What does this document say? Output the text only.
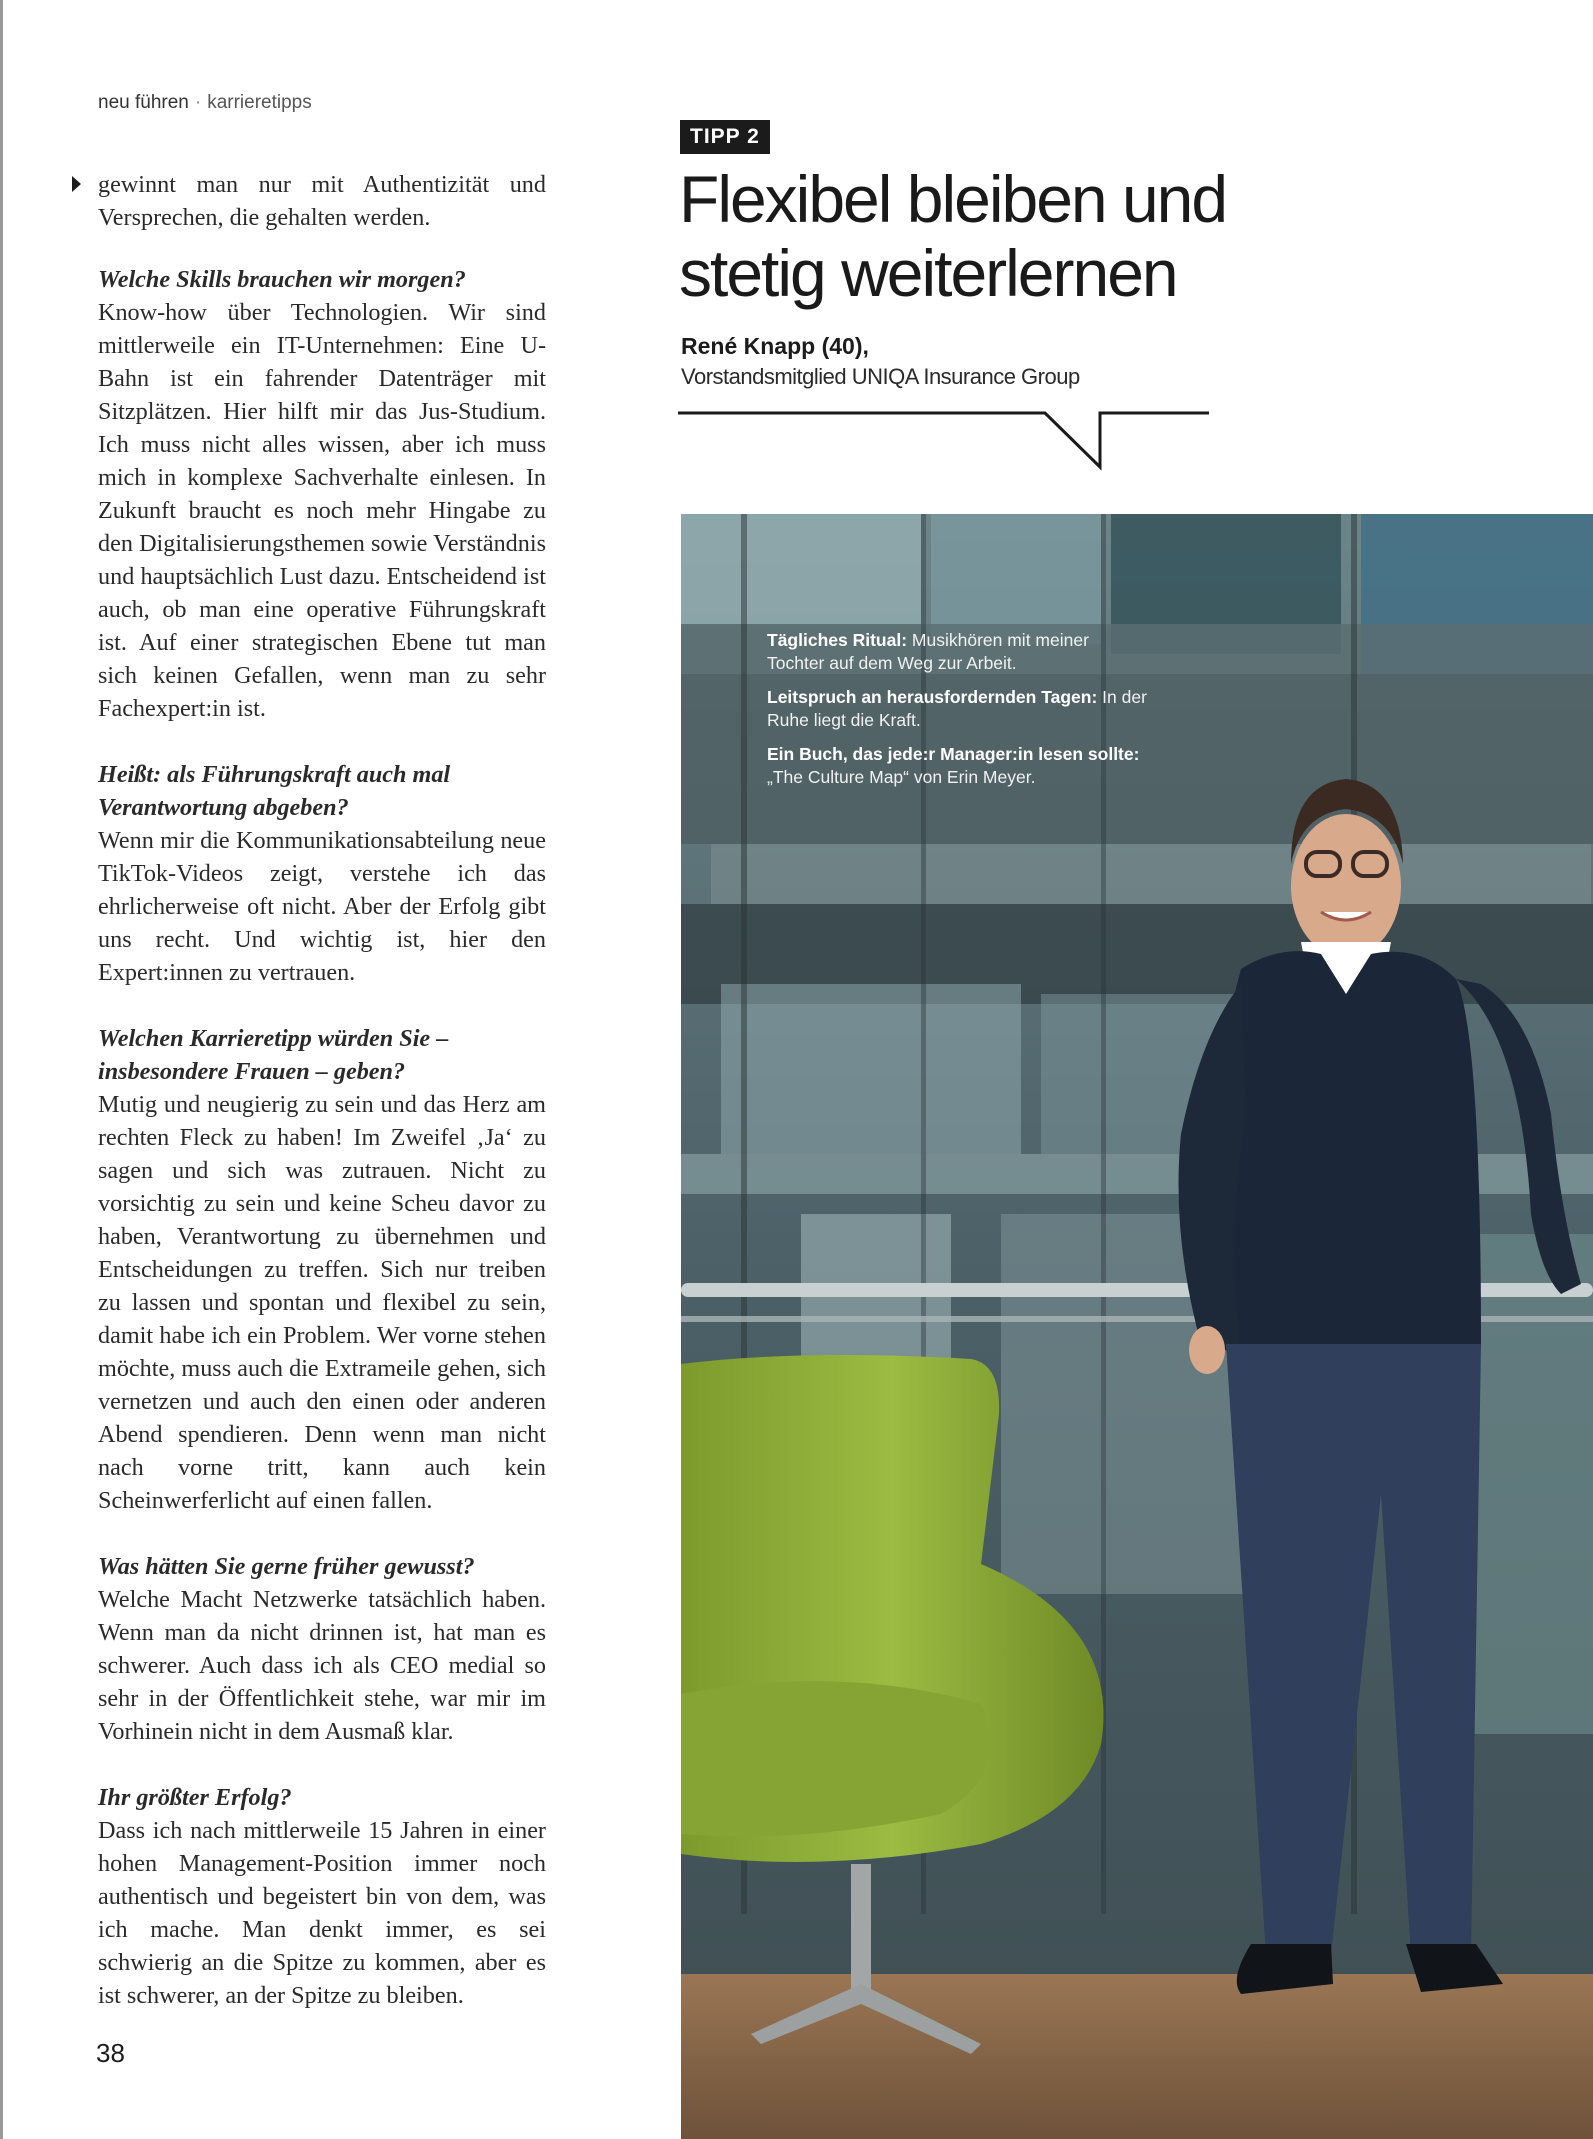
neu führen · karrieretipps

gewinnt man nur mit Authentizität und Versprechen, die gehalten werden.

Welche Skills brauchen wir morgen?

Know-how über Technologien. Wir sind mittlerweile ein IT-Unternehmen: Eine U-Bahn ist ein fahrender Datenträger mit Sitzplätzen. Hier hilft mir das Jus-Studium. Ich muss nicht alles wissen, aber ich muss mich in komplexe Sachverhalte einlesen. In Zukunft braucht es noch mehr Hingabe zu den Digitalisierungsthemen sowie Verständnis und hauptsächlich Lust dazu. Entscheidend ist auch, ob man eine operative Führungskraft ist. Auf einer strategischen Ebene tut man sich keinen Gefallen, wenn man zu sehr Fachexpert:in ist.

Heißt: als Führungskraft auch mal Verantwortung abgeben?

Wenn mir die Kommunikationsabteilung neue TikTok-Videos zeigt, verstehe ich das ehrlicherweise oft nicht. Aber der Erfolg gibt uns recht. Und wichtig ist, hier den Expert:innen zu vertrauen.

Welchen Karrieretipp würden Sie – insbesondere Frauen – geben?

Mutig und neugierig zu sein und das Herz am rechten Fleck zu haben! Im Zweifel ‚Ja‘ zu sagen und sich was zutrauen. Nicht zu vorsichtig zu sein und keine Scheu davor zu haben, Verantwortung zu übernehmen und Entscheidungen zu treffen. Sich nur treiben zu lassen und spontan und flexibel zu sein, damit habe ich ein Problem. Wer vorne stehen möchte, muss auch die Extrameile gehen, sich vernetzen und auch den einen oder anderen Abend spendieren. Denn wenn man nicht nach vorne tritt, kann auch kein Scheinwerferlicht auf einen fallen.

Was hätten Sie gerne früher gewusst?

Welche Macht Netzwerke tatsächlich haben. Wenn man da nicht drinnen ist, hat man es schwerer. Auch dass ich als CEO medial so sehr in der Öffentlichkeit stehe, war mir im Vorhinein nicht in dem Ausmaß klar.

Ihr größter Erfolg?

Dass ich nach mittlerweile 15 Jahren in einer hohen Management-Position immer noch authentisch und begeistert bin von dem, was ich mache. Man denkt immer, es sei schwierig an die Spitze zu kommen, aber es ist schwerer, an der Spitze zu bleiben.

38
TIPP 2
Flexibel bleiben und
stetig weiterlernen
René Knapp (40),
Vorstandsmitglied UNIQA Insurance Group

Tägliches Ritual: Musikhören mit meiner Tochter auf dem Weg zur Arbeit.

Leitspruch an herausfordernden Tagen: In der Ruhe liegt die Kraft.

Ein Buch, das jede:r Manager:in lesen sollte: „The Culture Map“ von Erin Meyer.
